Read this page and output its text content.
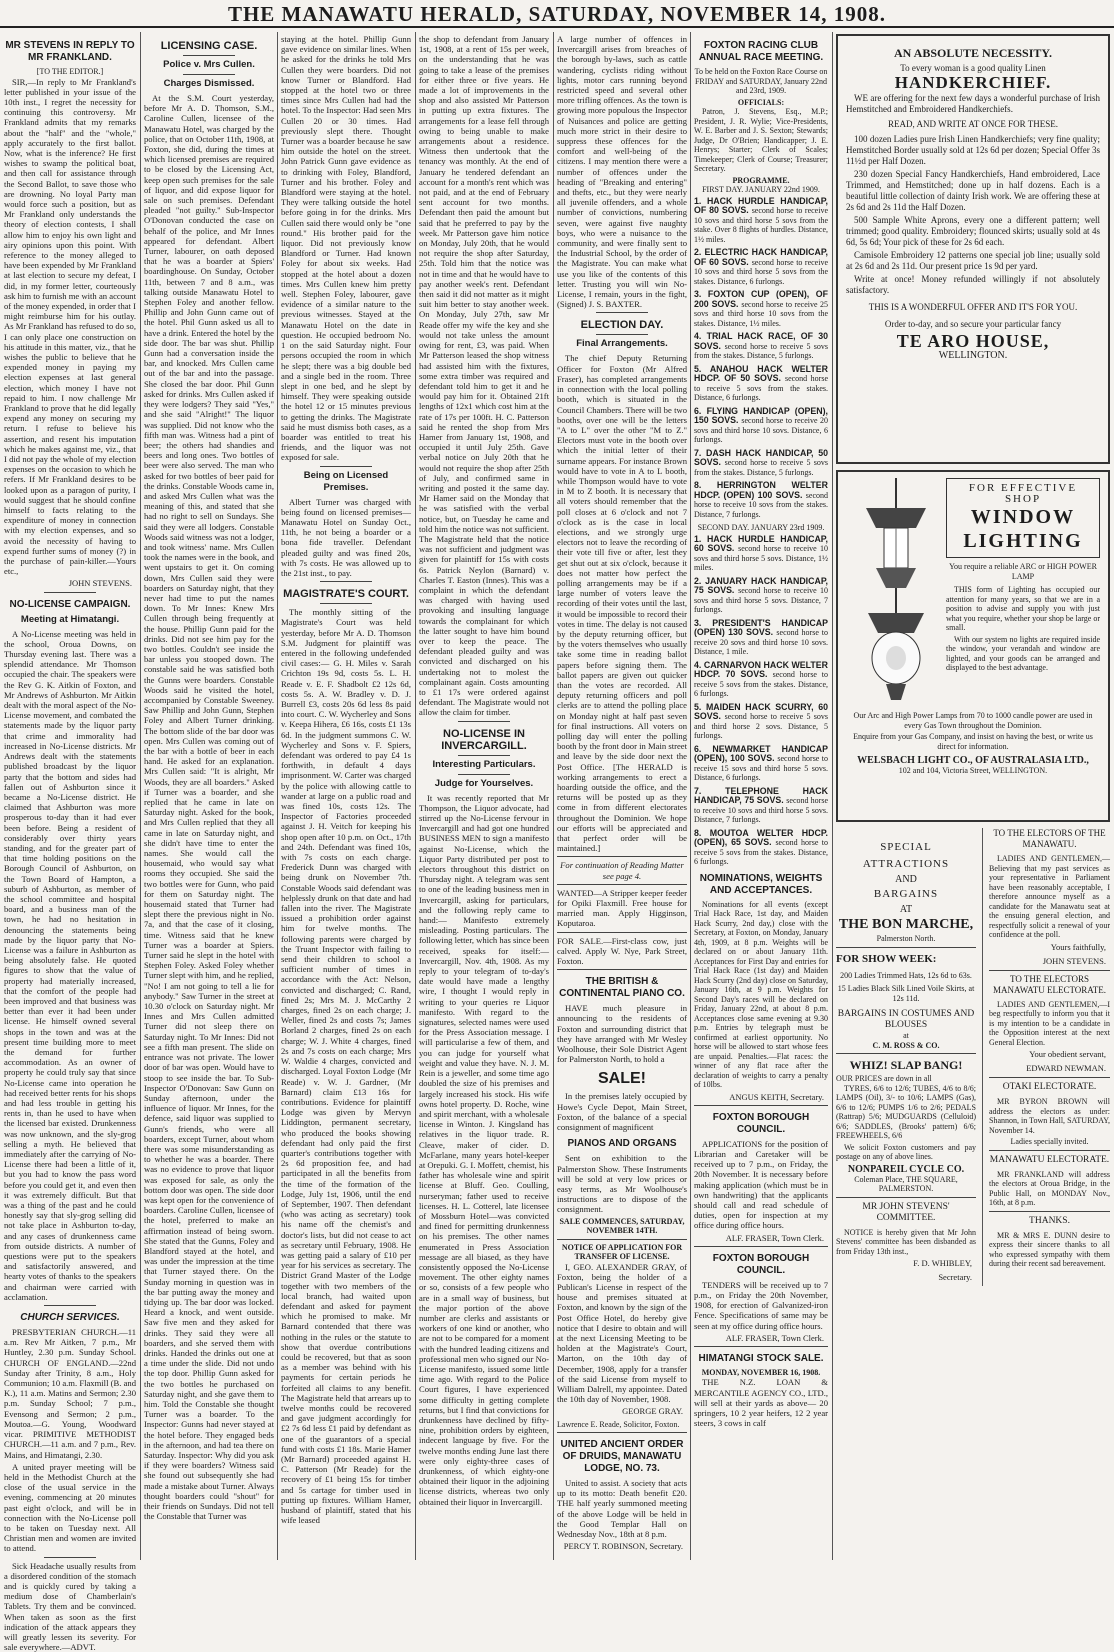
THE MANAWATU HERALD, SATURDAY, NOVEMBER 14, 1908.
MR STEVENS IN REPLY TO MR FRANKLAND.
[TO THE EDITOR.]

SIR,—In reply to Mr Frankland's letter published in your issue of the 10th inst., I regret the necessity for continuing this controversy. Mr Frankland admits that my remarks about the "half" and the "whole," apply accurately to the first ballot. Now, what is the inference? He first wishes to swamp the political boat, and then call for assistance through the Second Ballot, to save those who are drowning. No loyal Party man would force such a position, but as Mr Frankland only understands the theory of election contests, I shall allow him to enjoy his own light and airy opinions upon this point. With reference to the money alleged to have been expended by Mr Frankland at last election to secure my defeat, I did, in my former letter, courteously ask him to furnish me with an account of the money expended, in order that I might reimburse him for his outlay. As Mr Frankland has refused to do so, I can only place one construction on his attitude in this matter, viz., that he wishes the public to believe that he expended money in paying my election expenses at last general election, which money I have not repaid to him. I now challenge Mr Frankland to prove that he did legally expend any money on securing my return. I refuse to believe his assertion, and resent his imputation which he makes against me, viz., that I did not pay the whole of my election expenses on the occasion to which he refers. If Mr Frankland desires to be looked upon as a paragon of purity, I would suggest that he should confine himself to facts relating to the expenditure of money in connection with my election expenses, and so avoid the necessity of having to expend further sums of money (?) in the purchase of pain-killer.—Yours etc.,

JOHN STEVENS.
NO-LICENSE CAMPAIGN.
Meeting at Himatangi.

A No-License meeting was held in the school, Oroua Downs, on Thursday evening last. There was a splendid attendance. Mr Thomson occupied the chair. The speakers were the Rev G. K. Aitkin of Foxton, and Mr Andrews of Ashburton. Mr Aitkin dealt with the moral aspect of the No-License movement, and combated the statements made by the liquor party that crime and immorality had increased in No-License districts. Mr Andrews dealt with the statements published broadcast by the liquor party that the bottom and sides had fallen out of Ashburton since it became a No-License district. He claimed that Ashburton was more prosperous to-day than it had ever been before. Being a resident of considerably over thirty years standing, and for the greater part of that time holding positions on the Borough Council of Ashburton, on the Town Board of Hampton, a suburb of Ashburton, as member of the school committee and hospital board, and a business man of the town, he had no hesitation in denouncing the statements being made by the liquor party that No-License was a failure in Ashburton as being absolutely false. He quoted figures to show that the value of property had materially increased, that the comfort of the people had been improved and that business was better than ever it had been under license. He himself owned several shops in the town and was at the present time building more to meet the demand for further accommodation. As an owner of property he could truly say that since No-License came into operation he had received better rents for his shops and had less trouble in getting his rents in, than he used to have when the licensed bar existed. Drunkenness was now unknown, and the sly-grog selling a myth. He believed that immediately after the carrying of No-License there had been a little of it, but you had to know the pass word before you could get it, and even then it was extremely difficult. But that was a thing of the past and he could honestly say that sly-grog selling did not take place in Ashburton to-day, and any cases of drunkenness came from outside districts. A number of questions were put to the speakers and satisfactorily answered, and hearty votes of thanks to the speakers and chairman were carried with acclamation.

CHURCH SERVICES.

PRESBYTERIAN CHURCH.—11 a.m. Rev Mr Aitken, 7 p.m., Mr Huntley, 2.30 p.m. Sunday School. CHURCH OF ENGLAND.—22nd Sunday after Trinity, 8 a.m., Holy Communion; 10 a.m. Flaxmill (B. and K.), 11 a.m. Matins and Sermon; 2.30 p.m. Sunday School; 7 p.m., Evensong and Sermon; 2 p.m., Moutoa.—G. Young, Woodward vicar. PRIMITIVE METHODIST CHURCH.—11 a.m. and 7 p.m., Rev. Mains, and Himatangi, 2.30.

A united prayer meeting will be held in the Methodist Church at the close of the usual service in the evening, commencing at 20 minutes past eight o'clock, and will be in connection with the No-License poll to be taken on Tuesday next. All Christian men and women are invited to attend.

Sick Headache usually results from a disordered condition of the stomach and is quickly cured by taking a medium dose of Chamberlain's Tablets. Try them and be convinced. When taken as soon as the first indication of the attack appears they will greatly lessen its severity. For sale everywhere.—ADVT.

LICENSING CASE.
Police v. Mrs Cullen.
Charges Dismissed.

At the S.M. Court yesterday, before Mr A. D. Thomson, S.M., Caroline Cullen, licensee of the Manawatu Hotel, was charged by the police, that on October 11th, 1908, at Foxton, she did, during the times at which licensed premises are required to be closed by the Licensing Act, keep open such premises for the sale of liquor, and did expose liquor for sale on such premises. Defendant pleaded "not guilty." Sub-Inspector O'Donovan conducted the case on behalf of the police, and Mr Innes appeared for defendant. Albert Turner, labourer, on oath deposed that he was a boarder at Spiers' boardinghouse. On Sunday, October 11th, between 7 and 8 a.m., was talking outside Manawatu Hotel to Stephen Foley and another fellow. Phillip and John Gunn came out of the hotel. Phil Gunn asked us all to have a drink. Entered the hotel by the side door. The bar was shut. Phillip Gunn had a conversation inside the bar, and knocked. Mrs Cullen came out of the bar and into the passage. She closed the bar door. Phil Gunn asked for drinks. Mrs Cullen asked if they were lodgers? They said "Yes," and she said "Alright!" The liquor was supplied. Did not know who the fifth man was. Witness had a pint of beer; the others had shandies and beers and long ones. Two bottles of beer were also served. The man who asked for two bottles of beer paid for the drinks. Constable Woods came in, and asked Mrs Cullen what was the meaning of this, and stated that she had no right to sell on Sundays. She said they were all lodgers. Constable Woods said witness was not a lodger, and took witness' name. Mrs Cullen took the names were in the book, and went upstairs to get it. On coming down, Mrs Cullen said they were boarders on Saturday night, that they never had time to put the names down. To Mr Innes: Knew Mrs Cullen through being frequently at the house. Phillip Gunn paid for the drinks. Did not see him pay for the two bottles. Couldn't see inside the bar unless you stooped down. The constable said he was satisfied both the Gunns were boarders. Constable Woods said he visited the hotel, accompanied by Constable Sweeney. Saw Phillip and John Gunn, Stephen Foley and Albert Turner drinking. The bottom slide of the bar door was open. Mrs Cullen was coming out of the bar with a bottle of beer in each hand. He asked for an explanation. Mrs Cullen said: "It is alright, Mr Woods, they are all boarders." Asked if Turner was a boarder, and she replied that he came in late on Saturday night. Asked for the book, and Mrs Cullen replied that they all came in late on Saturday night, and she didn't have time to enter the names. She would call the housemaid, who would say what rooms they occupied. She said the two bottles were for Gunn, who paid for them on Saturday night. The housemaid stated that Turner had slept there the previous night in No. 7a, and that the case of it closing, time. Witness said that he knew Turner was a boarder at Spiers. Turner said he slept in the hotel with Stephen Foley. Asked Foley whether Turner slept with him, and he replied, "No! I am not going to tell a lie for anybody." Saw Turner in the street at 10.30 o'clock on Saturday night. Mr Innes and Mrs Cullen admitted Turner did not sleep there on Saturday night. To Mr Innes: Did not see a fifth man present. The slide on entrance was not private. The lower door of bar was open. Would have to stoop to see inside the bar. To Sub-Inspector O'Donovan: Saw Gunn on Sunday afternoon, under the influence of liquor. Mr Innes, for the defence, said liquor was supplied to Gunn's friends, who were all boarders, except Turner, about whom there was some misunderstanding as to whether he was a boarder. There was no evidence to prove that liquor was exposed for sale, as only the bottom door was open. The side door was kept open for the convenience of boarders. Caroline Cullen, licensee of the hotel, preferred to make an affirmation instead of being sworn. She stated that the Gunns, Foley and Blandford stayed at the hotel, and was under the impression at the time that Turner stayed there. On the Sunday morning in question was in the bar putting away the money and tidying up. The bar door was locked. Heard a knock, and went outside. Saw five men and they asked for drinks. They said they were all boarders, and she served them with drinks. Handed the drinks out one at a time under the slide. Did not undo the top door. Phillip Gunn asked for the two bottles he purchased on Saturday night, and she gave them to him. Told the Constable she thought Turner was a boarder. To the Inspector: Gunns had never stayed at the hotel before. They engaged beds in the afternoon, and had tea there on Saturday. Inspector: Why did you ask if they were boarders? Witness said she found out subsequently she had made a mistake about Turner. Always thought boarders could "shout" for their friends on Sundays. Did not tell the Constable that Turner was

staying at the hotel. Phillip Gunn gave evidence on similar lines. When he asked for the drinks he told Mrs Cullen they were boarders. Did not know Turner or Blandford. Had stopped at the hotel two or three times since Mrs Cullen had had the hotel. To the Inspector: Had seen Mrs Cullen 20 or 30 times. Had previously slept there. Thought Turner was a boarder because he saw him outside the hotel on the street. John Patrick Gunn gave evidence as to drinking with Foley, Blandford, Turner and his brother. Foley and Blandford were staying at the hotel. They were talking outside the hotel before going in for the drinks. Mrs Cullen said there would only be "one round." His brother paid for the liquor. Did not previously know Blandford or Turner. Had known Foley for about six weeks. Had stopped at the hotel about a dozen times. Mrs Cullen knew him pretty well. Stephen Foley, labourer, gave evidence of a similar nature to the previous witnesses. Stayed at the Manawatu Hotel on the date in question. He occupied bedroom No. 1 on the said Saturday night. Four persons occupied the room in which he slept; there was a big double bed and a single bed in the room. Three slept in one bed, and he slept by himself. They were speaking outside the hotel 12 or 15 minutes previous to getting the drinks. The Magistrate said he must dismiss both cases, as a boarder was entitled to treat his friends, and the liquor was not exposed for sale.

Being on Licensed Premises.

Albert Turner was charged with being found on licensed premises—Manawatu Hotel on Sunday Oct., 11th, he not being a boarder or a bona fide traveller. Defendant pleaded guilty and was fined 20s, with 7s costs. He was allowed up to the 21st inst., to pay.

MAGISTRATE'S COURT.

The monthly sitting of the Magistrate's Court was held yesterday, before Mr A. D. Thomson S.M. Judgment for plaintiff was entered in the following undefended civil cases:— G. H. Miles v. Sarah Crichton 19s 9d, costs 5s. L. H. Reade v. E. F. Shadbolt £2 12s 6d, costs 5s. A. W. Bradley v. D. J. Burrell £3, costs 20s 6d less 8s paid into court. C. W. Wycherley and Sons v. Keepa Hihera, £6 16s, costs £1 13s 6d. In the judgment summons C. W. Wycherley and Sons v. F. Spiers, defendant was ordered to pay £4 1s forthwith, in default 4 days imprisonment. W. Carter was charged by the police with allowing cattle to wander at large on a public road and was fined 10s, costs 12s. The Inspector of Factories proceeded against J. H. Veitch for keeping his shop open after 10 p.m. on Oct., 17th and 24th. Defendant was fined 10s, with 7s costs on each charge. Frederick Dunn was charged with being drunk on November 7th. Constable Woods said defendant was helplessly drunk on that date and had fallen into the river. The Magistrate issued a prohibition order against him for twelve months. The following parents were charged by the Truant Inspector with failing to send their children to school a sufficient number of times in accordance with the Act: Nelson, convicted and discharged; C. Rand, fined 2s; Mrs M. J. McCarthy 2 charges, fined 2s on each charge; J. Weller, fined 2s and costs 7s; James Borland 2 charges, fined 2s on each charge; W. J. White 4 charges, fined 2s and 7s costs on each charge; Mrs W. Waldie 4 charges, convicted and discharged. Loyal Foxton Lodge (Mr Reade) v. W. J. Gardner, (Mr Barnard) claim £13 16s for contributions. Evidence for plaintiff Lodge was given by Mervyn Liddington, permanent secretary, who produced the books showing defendant had only paid the first quarter's contributions together with 2s 6d proposition fee, and had participated in all the benefits from the time of the formation of the Lodge, July 1st, 1906, until the end of September, 1907. Then defendant (who was acting as secretary) took his name off the chemist's and doctor's lists, but did not cease to act as secretary until February, 1908. He was getting paid a salary of £10 per year for his services as secretary. The District Grand Master of the Lodge together with two members of the local branch, had waited upon defendant and asked for payment which he promised to make. Mr Barnard contended that there was nothing in the rules or the statute to show that overdue contributions could be recovered, but that as soon as a member was behind with his payments for certain periods he forfeited all claims to any benefit. The Magistrate held that arrears up to twelve months could be recovered and gave judgment accordingly for £2 7s 6d less £1 paid by defendant as one of the guarantors of a special fund with costs £1 18s. Marie Hamer (Mr Barnard) proceeded against H. C. Patterson (Mr Reade) for the recovery of £1 being 15s for timber and 5s cartage for timber used in putting up fixtures. William Hamer, husband of plaintiff, stated that his wife leased

the shop to defendant from January 1st, 1908, at a rent of 15s per week, on the understanding that he was going to take a lease of the premises for either three or five years. He made a lot of improvements in the shop and also assisted Mr Patterson in putting up extra fixtures. The arrangements for a lease fell through owing to being unable to make arrangements about a residence. Witness then undertook that the tenancy was monthly. At the end of January he tendered defendant an account for a month's rent which was not paid, and at the end of February sent account for two months. Defendant then paid the amount but said that he preferred to pay by the week. Mr Patterson gave him notice on Monday, July 20th, that he would not require the shop after Saturday, 25th. Told him that the notice was not in time and that he would have to pay another week's rent. Defendant then said it did not matter as it might suit him better to stay another week. On Monday, July 27th, saw Mr Reade offer my wife the key and she would not take unless the amount owing for rent, £3, was paid. When Mr Patterson leased the shop witness had assisted him with the fixtures, some extra timber was required and defendant told him to get it and he would pay him for it. Obtained 21ft lengths of 12x1 which cost him at the rate of 17s per 100ft. H. C. Patterson said he rented the shop from Mrs Hamer from January 1st, 1908, and occupied it until July 25th. Gave verbal notice on July 20th that he would not require the shop after 25th of July, and confirmed same in writing and posted it the same day. Mr Hamer said on the Monday that he was satisfied with the verbal notice, but, on Tuesday he came and told him the notice was not sufficient. The Magistrate held that the notice was not sufficient and judgment was given for plaintiff for 15s with costs 6s. Patrick Neylon (Barnard) v. Charles T. Easton (Innes). This was a complaint in which the defendant was charged with having used provoking and insulting language towards the complainant for which the latter sought to have him bound over to keep the peace. The defendant pleaded guilty and was convicted and discharged on his undertaking not to molest the complainant again. Costs amounting to £1 17s were ordered against defendant. The Magistrate would not allow the claim for timber.

NO-LICENSE IN INVERCARGILL.
Interesting Particulars.
Judge for Yourselves.

It was recently reported that Mr Thompson, the Liquor advocate, had stirred up the No-License fervour in Invercargill and had got one hundred BUSINESS MEN to sign a manifesto against No-License, which the Liquor Party distributed per post to electors throughout this district on Thursday night. A telegram was sent to one of the leading business men in Invercargill, asking for particulars, and the following reply came to hand:— Manifesto extremely misleading. Posting particulars. The following letter, which has since been received, speaks for itself:— Invercargill, Nov. 4th, 1908. As my reply to your telegram of to-day's date would have made a lengthy wire, I thought I would reply in writing to your queries re Liquor manifesto. With regard to the signatures, selected names were used for the Press Association message. I will particularise a few of them, and you can judge for yourself what weight and value they have. N. J. M. Rein is a jeweller, and some time ago doubled the size of his premises and largely increased his stock. His wife owns hotel property. D. Roche, wine and spirit merchant, with a wholesale license in Winton. J. Kingsland has relatives in the liquor trade. R. Cleave, maker of cider. D. McFarlane, many years hotel-keeper at Orepuki. G. I. Moffett, chemist, his father has wholesale wine and spirit license at Bluff. Geo. Coulling, nurseryman; father used to receive licenses. H. L. Cotterel, late licensee of Mossburn Hotel—was convicted and fined for permitting drunkenness on his premises. The other names enumerated in Press Association message are all biased, as they have consistently opposed the No-License movement. The other eighty names or so, consists of a few people who are in a small way of business, but the major portion of the above number are clerks and assistants or workers of one kind or another, who are not to be compared for a moment with the hundred leading citizens and professional men who signed our No-License manifesto, issued some little time ago. With regard to the Police Court figures, I have experienced some difficulty in getting complete returns, but I find that convictions for drunkenness have declined by fifty-nine, prohibition orders by eighteen, indecent language by five. For the twelve months ending June last there were only eighty-three cases of drunkenness, of which eighty-one obtained their liquor in the adjoining license districts, whereas two only obtained their liquor in Invercargill.

A large number of offences in Invercargill arises from breaches of the borough by-laws, such as cattle wandering, cyclists riding without lights, motor cars running beyond restricted speed and several other more trifling offences. As the town is growing more populous the Inspector of Nuisances and police are getting much more strict in their desire to suppress these offences for the comfort and well-being of the citizens. I may mention there were a number of offences under the heading of "Breaking and entering" and thefts, etc., but they were nearly all juvenile offenders, and a whole number of convictions, numbering seven, were against five naughty boys, who were a nuisance to the community, and were finally sent to the Industrial School, by the order of the Magistrate. You can make what use you like of the contents of this letter. Trusting you will win No-License, I remain, yours in the fight, (Signed) J. S. BAXTER.

ELECTION DAY.
Final Arrangements.

The chief Deputy Returning Officer for Foxton (Mr Alfred Fraser), has completed arrangements in connection with the local polling booth, which is situated in the Council Chambers. There will be two booths, over one will be the letters "A to L" over the other "M to Z." Electors must vote in the booth over which the initial letter of their surname appears. For instance Brown would have to vote in A to L booth, while Thompson would have to vote in M to Z booth. It is necessary that all voters should remember that the poll closes at 6 o'clock and not 7 o'clock as is the case in local elections, and we strongly urge electors not to leave the recording of their vote till five or after, lest they get shut out at six o'clock, because it does not matter how perfect the polling arrangements may be if a large number of voters leave the recording of their votes until the last, it would be impossible to record their votes in time. The delay is not caused by the deputy returning officer, but by the voters themselves who usually take some time in reading ballot papers before signing them. The ballot papers are given out quicker than the votes are recorded. All deputy returning officers and poll clerks are to attend the polling place on Monday night at half past seven for final instructions. All voters on polling day will enter the polling booth by the front door in Main street and leave by the side door next the Post Office. [The HERALD is working arrangements to erect a hoarding outside the office, and the returns will be posted up as they come in from different electorates throughout the Dominion. We hope our efforts will be appreciated and that perfect order will be maintained.]

For continuation of Reading Matter see page 4.

WANTED—A Stripper keeper feeder for Opiki Flaxmill. Free house for married man. Apply Higginson, Koputaroa.

FOR SALE.—First-class cow, just calved. Apply W. Nye, Park Street, Foxton.

THE BRITISH & CONTINENTAL PIANO CO.

HAVE much pleasure in announcing to the residents of Foxton and surrounding district that they have arranged with Mr Wesley Woolhouse, their Sole District Agent for Palmerston North, to hold a

SALE!

In the premises lately occupied by Howe's Cycle Depot, Main Street, Foxton, of the balance of a special consignment of magnificent

PIANOS AND ORGANS

Sent on exhibition to the Palmerston Show. These Instruments will be sold at very low prices or easy terms, as Mr Woolhouse's instructions are to dispose of the consignment.

SALE COMMENCES, SATURDAY, NOVEMBER 14TH.
NOTICE OF APPLICATION FOR TRANSFER OF LICENSE.

I, GEO. ALEXANDER GRAY, of Foxton, being the holder of a Publican's License in respect of the house and premises situated at Foxton, and known by the sign of the Post Office Hotel, do hereby give notice that I desire to obtain and will at the next Licensing Meeting to be holden at the Magistrate's Court, Marton, on the 10th day of December, 1908, apply for a transfer of the said License from myself to William Dalrell, my appointee. Dated the 10th day of November, 1908.

GEORGE GRAY.
Lawrence E. Reade, Solicitor, Foxton.
UNITED ANCIENT ORDER OF DRUIDS, MANAWATU LODGE, NO. 73.

United to assist. A society that acts up to its motto: Death benefit £20. THE half yearly summoned meeting of the above Lodge will be held in the Good Templar Hall on Wednesday Nov., 18th at 8 p.m.

PERCY T. ROBINSON, Secretary.
FOXTON RACING CLUB ANNUAL RACE MEETING.

To be held on the Foxton Race Course on FRIDAY and SATURDAY, January 22nd and 23rd, 1909.

OFFICIALS:

Patron, J. Stevens, Esq., M.P.; President, J. R. Wylie; Vice-Presidents, W. E. Barber and J. S. Sexton; Stewards; Judge, Dr O'Brien; Handicapper; J. E. Henrys; Starter; Clerk of Scales; Timekeeper; Clerk of Course; Treasurer; Secretary.

PROGRAMME.
FIRST DAY. JANUARY 22nd 1909.
1. HACK HURDLE HANDICAP, OF 80 SOVS. second horse to receive 10 sovs and third horse 5 sovs from the stake. Over 8 flights of hurdles. Distance, 1½ miles.
2. ELECTRIC HACK HANDICAP, OF 60 SOVS. second horse to receive 10 sovs and third horse 5 sovs from the stakes. Distance, 6 furlongs.
3. FOXTON CUP (OPEN), OF 200 SOVS. second horse to receive 25 sovs and third horse 10 sovs from the stakes. Distance, 1½ miles.
4. TRIAL HACK RACE, OF 30 SOVS. second horse to receive 5 sovs from the stakes. Distance, 5 furlongs.
5. ANAHOU HACK WELTER HDCP. OF 50 SOVS. second horse to receive 5 sovs from the stakes. Distance, 6 furlongs.
6. FLYING HANDICAP (OPEN), 150 SOVS. second horse to receive 20 sovs and third horse 10 sovs. Distance, 6 furlongs.
7. DASH HACK HANDICAP, 50 SOVS. second horse to receive 5 sovs from the stakes. Distance, 5 furlongs.
8. HERRINGTON WELTER HDCP. (OPEN) 100 SOVS. second horse to receive 10 sovs from the stakes. Distance, 7 furlongs.
SECOND DAY. JANUARY 23rd 1909.
1. HACK HURDLE HANDICAP, 60 SOVS. second horse to receive 10 sovs and third horse 5 sovs. Distance, 1½ miles.
2. JANUARY HACK HANDICAP, 75 SOVS. second horse to receive 10 sovs and third horse 5 sovs. Distance, 7 furlongs.
3. PRESIDENT'S HANDICAP (OPEN) 130 SOVS. second horse to receive 20 sovs and third horse 10 sovs. Distance, 1 mile.
4. CARNARVON HACK WELTER HDCP. 70 SOVS. second horse to receive 5 sovs from the stakes. Distance, 6 furlongs.
5. MAIDEN HACK SCURRY, 60 SOVS. second horse to receive 5 sovs and third horse 2 sovs. Distance, 5 furlongs.
6. NEWMARKET HANDICAP (OPEN), 100 SOVS. second horse to receive 15 sovs and third horse 5 sovs. Distance, 6 furlongs.
7. TELEPHONE HACK HANDICAP, 75 SOVS. second horse to receive 10 sovs and third horse 5 sovs. Distance, 7 furlongs.
8. MOUTOA WELTER HDCP. (OPEN), 65 SOVS. second horse to receive 5 sovs from the stakes. Distance, 6 furlongs.
NOMINATIONS, WEIGHTS AND ACCEPTANCES.

Nominations for all events (except Trial Hack Race, 1st day, and Maiden Hack Scurry, 2nd day,) close with the Secretary, at Foxton, on Monday, January 4th, 1909, at 8 p.m. Weights will be declared on or about January 11th. Acceptances for First Day and entries for Trial Hack Race (1st day) and Maiden Hack Scurry (2nd day) close on Saturday, January 16th, at 9 p.m. Weights for Second Day's races will be declared on Friday, January 22nd, at about 8 p.m. Acceptances close same evening at 9.30 p.m. Entries by telegraph must be confirmed at earliest opportunity. No horse will be allowed to start whose fees are unpaid. Penalties.—Flat races: the winner of any flat race after the declaration of weights to carry a penalty of 10lbs.

ANGUS KEITH, Secretary.
FOXTON BOROUGH COUNCIL.

APPLICATIONS for the position of Librarian and Caretaker will be received up to 7 p.m., on Friday, the 20th November. It is necessary before making application (which must be in own handwriting) that the applicants should call and read schedule of duties, open for inspection at my office during office hours.

ALF. FRASER, Town Clerk.
FOXTON BOROUGH COUNCIL.

TENDERS will be received up to 7 p.m., on Friday the 20th November, 1908, for erection of Galvanized-iron Fence. Specifications of same may be seen at my office during office hours.

ALF. FRASER, Town Clerk.
HIMATANGI STOCK SALE.
MONDAY, NOVEMBER 16, 1908.

THE N.Z. LOAN & MERCANTILE AGENCY CO., LTD., will sell at their yards as above— 20 springers, 10 2 year heifers, 12 2 year steers, 3 cows in calf

AN ABSOLUTE NECESSITY.
To every woman is a good quality Linen
HANDKERCHIEF.

WE are offering for the next few days a wonderful purchase of Irish Hemstitched and Embroidered Handkerchiefs.

READ, AND WRITE AT ONCE FOR THESE.

100 dozen Ladies pure Irish Linen Handkerchiefs; very fine quality; Hemstitched Border usually sold at 12s 6d per dozen; Special Offer 3s 11½d per Half Dozen.

230 dozen Special Fancy Handkerchiefs, Hand embroidered, Lace Trimmed, and Hemstitched; done up in half dozens. Each is a beautiful little collection of dainty Irish work. We are offering these at 2s 6d and 2s 11d the Half Dozen.

500 Sample White Aprons, every one a different pattern; well trimmed; good quality. Embroidery; flounced skirts; usually sold at 4s 6d, 5s 6d; Your pick of these for 2s 6d each.

Camisole Embroidery 12 patterns one special job line; usually sold at 2s 6d and 2s 11d. Our present price 1s 9d per yard.

Write at once! Money refunded willingly if not absolutely satisfactory.

THIS IS A WONDERFUL OFFER AND IT'S FOR YOU.
Order to-day, and so secure your particular fancy
TE ARO HOUSE,
WELLINGTON.
FOR EFFECTIVE
SHOP
WINDOW
LIGHTING
You require a reliable ARC or HIGH POWER LAMP

THIS form of Lighting has occupied our attention for many years, so that we are in a position to advise and supply you with just what you require, whether your shop be large or small.

With our system no lights are required inside the window, your verandah and window are lighted, and your goods can be arranged and displayed to the best advantage.

Our Arc and High Power Lamps from 70 to 1000 candle power are used in every Gas Town throughout the Dominion.

Enquire from your Gas Company, and insist on having the best, or write us direct for information.

WELSBACH LIGHT CO., OF AUSTRALASIA LTD.,
102 and 104, Victoria Street, WELLINGTON.
SPECIAL
ATTRACTIONS
AND
BARGAINS
AT
THE BON MARCHE,
Palmerston North.
FOR SHOW WEEK:
200 Ladies Trimmed Hats, 12s 6d to 63s.
15 Ladies Black Silk Lined Voile Skirts, at 12s 11d.
BARGAINS IN COSTUMES AND BLOUSES
at
C. M. ROSS & CO.
WHIZ! SLAP BANG!
OUR PRICES are down in all

TYRES, 6/6 to 12/6; TUBES, 4/6 to 8/6; LAMPS (Oil), 3/- to 10/6; LAMPS (Gas), 6/6 to 12/6; PUMPS 1/6 to 2/6; PEDALS (Rattrap) 5/6; MUDGUARDS (Celluloid) 6/6; SADDLES, (Brooks' pattern) 6/6; FREEWHEELS, 6/6

We solicit Foxton customers and pay postage on any of above lines.

NONPAREIL CYCLE CO.
Coleman Place, THE SQUARE, PALMERSTON.
MR JOHN STEVENS' COMMITTEE.

NOTICE is hereby given that Mr John Stevens' committee has been disbanded as from Friday 13th inst.,

F. D. WHIBLEY,
Secretary.
TO THE ELECTORS OF THE MANAWATU.

LADIES AND GENTLEMEN,—Believing that my past services as your representative in Parliament have been reasonably acceptable, I therefore announce myself as a candidate for the Manawatu seat at the ensuing general election, and respectfully solicit a renewal of your confidence at the poll.

Yours faithfully,
JOHN STEVENS.
TO THE ELECTORS MANAWATU ELECTORATE.

LADIES AND GENTLEMEN,—I beg respectfully to inform you that it is my intention to be a candidate in the Opposition interest at the next General Election.

Your obedient servant,
EDWARD NEWMAN.
OTAKI ELECTORATE.

MR BYRON BROWN will address the electors as under: Shannon, in Town Hall, SATURDAY, November 14.

Ladies specially invited.
MANAWATU ELECTORATE.

MR FRANKLAND will address the electors at Oroua Bridge, in the Public Hall, on MONDAY Nov., 16th, at 8 p.m.

THANKS.

MR & MRS E. DUNN desire to express their sincere thanks to all who expressed sympathy with them during their recent sad bereavement.
